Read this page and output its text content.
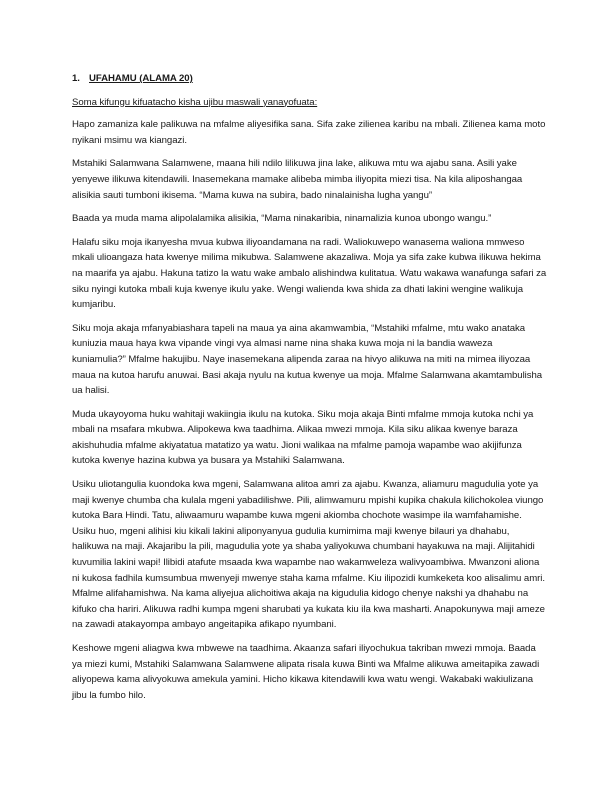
1. UFAHAMU (ALAMA 20)

Soma kifungu kifuatacho kisha ujibu maswali yanayofuata:

Hapo zamaniza kale palikuwa na mfalme aliyesifika sana. Sifa zake zilienea karibu na mbali. Zilienea kama moto nyikani msimu wa kiangazi.

Mstahiki Salamwana Salamwene, maana hili ndilo lilikuwa jina lake, alikuwa mtu wa ajabu sana. Asili yake yenyewe ilikuwa kitendawili. Inasemekana mamake alibeba mimba iliyopita miezi tisa. Na kila aliposhangaa alisikia sauti tumboni ikisema. “Mama kuwa na subira, bado ninalainisha lugha yangu”

Baada ya muda mama alipolalamika alisikia, “Mama ninakaribia, ninamalizia kunoa ubongo wangu.”

Halafu siku moja ikanyesha mvua kubwa iliyoandamana na radi. Waliokuwepo wanasema waliona mmweso mkali ulioangaza hata kwenye milima mikubwa. Salamwene akazaliwa. Moja ya sifa zake kubwa ilikuwa hekima na maarifa ya ajabu. Hakuna tatizo la watu wake ambalo alishindwa kulitatua. Watu wakawa wanafunga safari za siku nyingi kutoka mbali kuja kwenye ikulu yake. Wengi walienda kwa shida za dhati lakini wengine walikuja kumjaribu.

Siku moja akaja mfanyabiashara tapeli na maua ya aina akamwambia, “Mstahiki mfalme, mtu wako anataka kuniuzia maua haya kwa vipande vingi vya almasi name nina shaka kuwa moja ni la bandia waweza kuniamulia?” Mfalme hakujibu. Naye inasemekana alipenda zaraa na hivyo alikuwa na miti na mimea iliyozaa maua na kutoa harufu anuwai. Basi akaja nyulu na kutua kwenye ua moja. Mfalme Salamwana akamtambulisha ua halisi.

Muda ukayoyoma huku wahitaji wakiingia ikulu na kutoka. Siku moja akaja Binti mfalme mmoja kutoka nchi ya mbali na msafara mkubwa. Alipokewa kwa taadhima. Alikaa mwezi mmoja. Kila siku alikaa kwenye baraza akishuhudia mfalme akiyatatua matatizo ya watu. Jioni walikaa na mfalme pamoja wapambe wao akijifunza kutoka kwenye hazina kubwa ya busara ya Mstahiki Salamwana.

Usiku uliotangulia kuondoka kwa mgeni, Salamwana alitoa amri za ajabu. Kwanza, aliamuru magudulia yote ya maji kwenye chumba cha kulala mgeni yabadilishwe. Pili, alimwamuru mpishi kupika chakula kilichokolea viungo kutoka Bara Hindi. Tatu, aliwaamuru wapambe kuwa mgeni akiomba chochote wasimpe ila wamfahamishe. Usiku huo, mgeni alihisi kiu kikali lakini aliponyanyua gudulia kumimima maji kwenye bilauri ya dhahabu, halikuwa na maji. Akajaribu la pili, magudulia yote ya shaba yaliyokuwa chumbani hayakuwa na maji. Alijitahidi kuvumilia lakini wapi! Ilibidi atafute msaada kwa wapambe nao wakamweleza walivyoambiwa. Mwanzoni aliona ni kukosa fadhila kumsumbua mwenyeji mwenye staha kama mfalme. Kiu ilipozidi kumkeketa koo alisalimu amri. Mfalme alifahamishwa. Na kama aliyejua alichoitiwa akaja na kigudulia kidogo chenye nakshi ya dhahabu na kifuko cha hariri. Alikuwa radhi kumpa mgeni sharubati ya kukata kiu ila kwa masharti. Anapokunywa maji ameze na zawadi atakayompa ambayo angeitapika afikapo nyumbani.

Keshowe mgeni aliagwa kwa mbwewe na taadhima. Akaanza safari iliyochukua takriban mwezi mmoja. Baada ya miezi kumi, Mstahiki Salamwana Salamwene alipata risala kuwa Binti wa Mfalme alikuwa ameitapika zawadi aliyopewa kama alivyokuwa amekula yamini. Hicho kikawa kitendawili kwa watu wengi. Wakabaki wakiulizana jibu la fumbo hilo.
